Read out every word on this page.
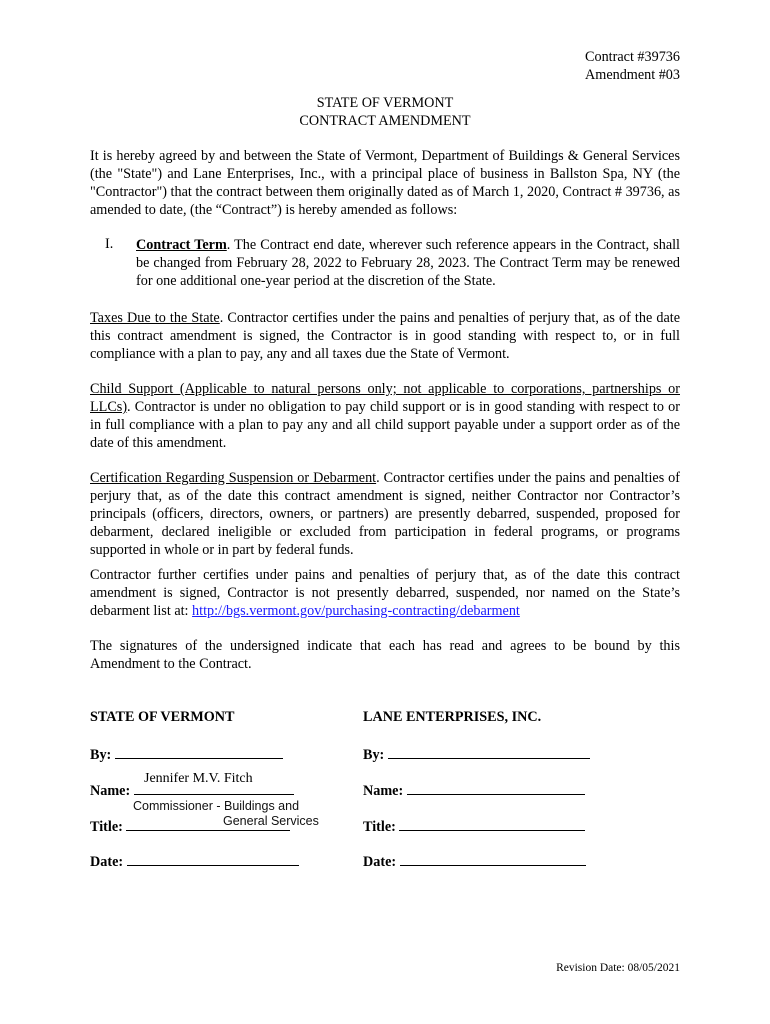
Contract #39736
Amendment #03
STATE OF VERMONT
CONTRACT AMENDMENT

It is hereby agreed by and between the State of Vermont, Department of Buildings & General Services (the "State") and Lane Enterprises, Inc., with a principal place of business in Ballston Spa, NY (the "Contractor") that the contract between them originally dated as of March 1, 2020, Contract # 39736, as amended to date, (the “Contract”) is hereby amended as follows:

I. Contract Term. The Contract end date, wherever such reference appears in the Contract, shall be changed from February 28, 2022 to February 28, 2023. The Contract Term may be renewed for one additional one-year period at the discretion of the State.
Taxes Due to the State. Contractor certifies under the pains and penalties of perjury that, as of the date this contract amendment is signed, the Contractor is in good standing with respect to, or in full compliance with a plan to pay, any and all taxes due the State of Vermont.
Child Support (Applicable to natural persons only; not applicable to corporations, partnerships or LLCs). Contractor is under no obligation to pay child support or is in good standing with respect to or in full compliance with a plan to pay any and all child support payable under a support order as of the date of this amendment.
Certification Regarding Suspension or Debarment. Contractor certifies under the pains and penalties of perjury that, as of the date this contract amendment is signed, neither Contractor nor Contractor’s principals (officers, directors, owners, or partners) are presently debarred, suspended, proposed for debarment, declared ineligible or excluded from participation in federal programs, or programs supported in whole or in part by federal funds.
Contractor further certifies under pains and penalties of perjury that, as of the date this contract amendment is signed, Contractor is not presently debarred, suspended, nor named on the State’s debarment list at: http://bgs.vermont.gov/purchasing-contracting/debarment
The signatures of the undersigned indicate that each has read and agrees to be bound by this Amendment to the Contract.
STATE OF VERMONT
By:
Jennifer M.V. Fitch
Name:
Commissioner - Buildings and
General Services
Title:
Date:
LANE ENTERPRISES, INC.
By:
Name:
Title:
Date:
Revision Date: 08/05/2021
